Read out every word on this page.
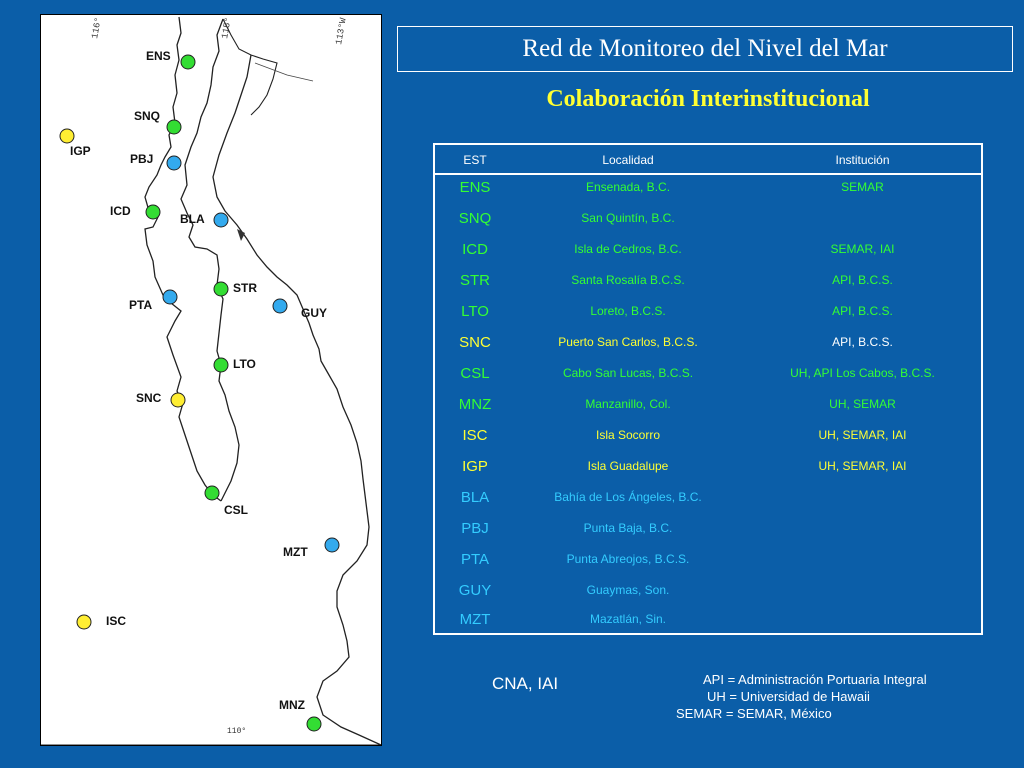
116°	115°	113°W
110°
ENS
SNQ
IGP
PBJ
ICD
BLA
STR
PTA
GUY
LTO
SNC
CSL
MZT
ISC
MNZ
Red de Monitoreo del Nivel del Mar
Colaboración Interinstitucional
EST	Localidad	Institución
ENS	Ensenada, B.C.	SEMAR
SNQ	San Quintín, B.C.
ICD	Isla de Cedros, B.C.	SEMAR, IAI
STR	Santa Rosalía B.C.S.	API, B.C.S.
LTO	Loreto, B.C.S.	API, B.C.S.
SNC	Puerto San Carlos, B.C.S.	API, B.C.S.
CSL	Cabo San Lucas, B.C.S.	UH, API Los Cabos, B.C.S.
MNZ	Manzanillo, Col.	UH, SEMAR
ISC	Isla Socorro	UH, SEMAR, IAI
IGP	Isla Guadalupe	UH, SEMAR, IAI
BLA	Bahía de Los Ángeles, B.C.
PBJ	Punta Baja, B.C.
PTA	Punta Abreojos, B.C.S.
GUY	Guaymas, Son.
MZT	Mazatlán, Sin.
CNA, IAI	API = Administración Portuaria Integral
UH = Universidad de Hawaii
SEMAR = SEMAR, México
